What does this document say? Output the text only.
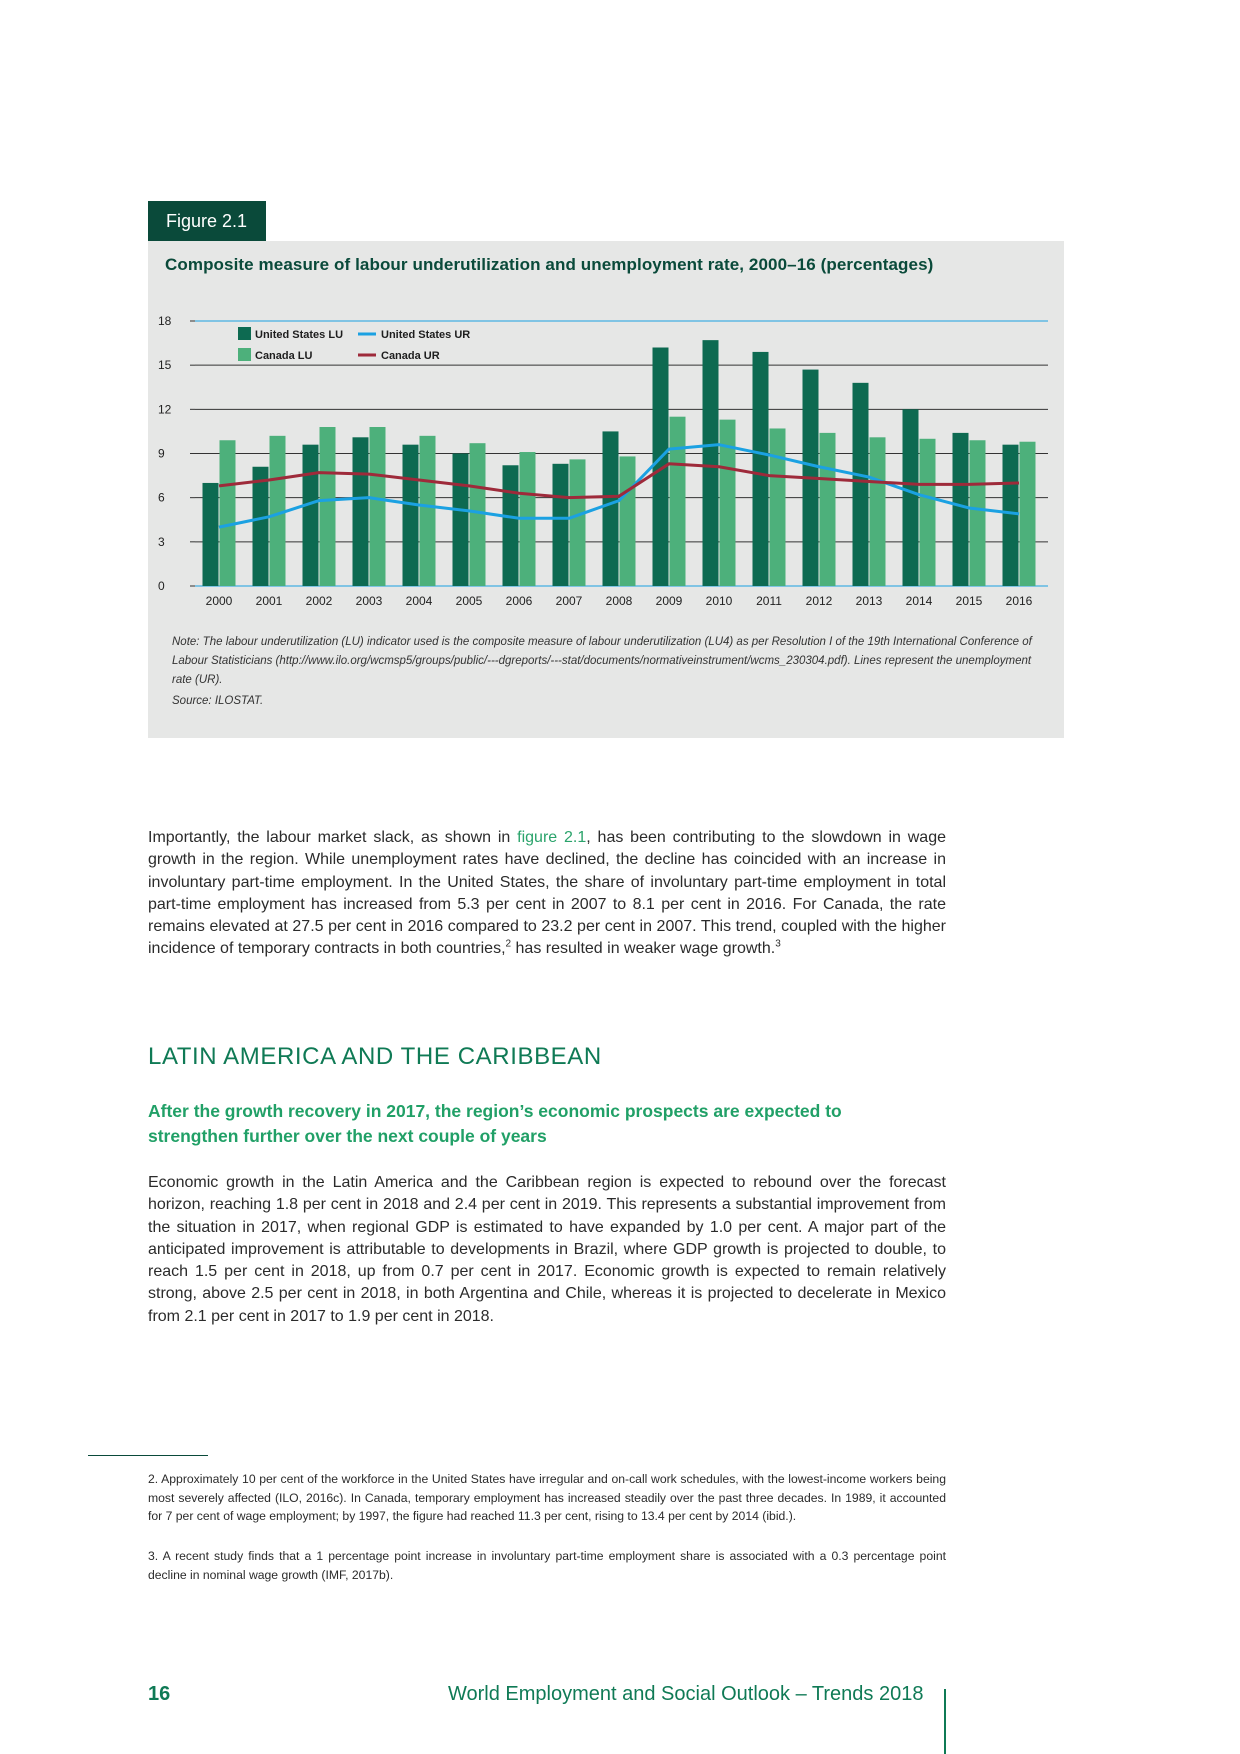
Figure 2.1
0
3
6
9
12
15
18
2000 2001 2002 2003 2004 2005 2006 2007 2008 2009 2010 2011 2012 2013 2014 2015 2016
United States LU	United States UR
Canada LU	Canada UR
Composite measure of labour underutilization and unemployment rate, 2000–16 (percentages)
Note: The labour underutilization (LU) indicator used is the composite measure of labour underutilization (LU4) as per Resolution I of the 19th International Conference of Labour Statisticians (http://www.ilo.org/wcmsp5/groups/public/---dgreports/---stat/documents/normativeinstrument/wcms_230304.pdf). Lines represent the unemployment rate (UR).
Source: ILOSTAT.

Importantly, the labour market slack, as shown in figure 2.1, has been contributing to the slowdown in wage growth in the region. While unemployment rates have declined, the decline has coincided with an increase in involuntary part-time employment. In the United States, the share of involuntary part-time employment in total part-time employment has increased from 5.3 per cent in 2007 to 8.1 per cent in 2016. For Canada, the rate remains elevated at 27.5 per cent in 2016 compared to 23.2 per cent in 2007. This trend, coupled with the higher incidence of temporary contracts in both countries,$^2$ has resulted in weaker wage growth.$^3$

LATIN AMERICA AND THE CARIBBEAN
After the growth recovery in 2017, the region’s economic prospects are expected to strengthen further over the next couple of years

Economic growth in the Latin America and the Caribbean region is expected to rebound over the forecast horizon, reaching 1.8 per cent in 2018 and 2.4 per cent in 2019. This represents a substantial improvement from the situation in 2017, when regional GDP is estimated to have expanded by 1.0 per cent. A major part of the anticipated improvement is attributable to developments in Brazil, where GDP growth is projected to double, to reach 1.5 per cent in 2018, up from 0.7 per cent in 2017. Economic growth is expected to remain relatively strong, above 2.5 per cent in 2018, in both Argentina and Chile, whereas it is projected to decelerate in Mexico from 2.1 per cent in 2017 to 1.9 per cent in 2018.

2. Approximately 10 per cent of the workforce in the United States have irregular and on-call work schedules, with the lowest-income workers being most severely affected (ILO, 2016c). In Canada, temporary employment has increased steadily over the past three decades. In 1989, it accounted for 7 per cent of wage employment; by 1997, the figure had reached 11.3 per cent, rising to 13.4 per cent by 2014 (ibid.).

3. A recent study finds that a 1 percentage point increase in involuntary part-time employment share is associated with a 0.3 percentage point decline in nominal wage growth (IMF, 2017b).

16	World Employment and Social Outlook – Trends 2018
